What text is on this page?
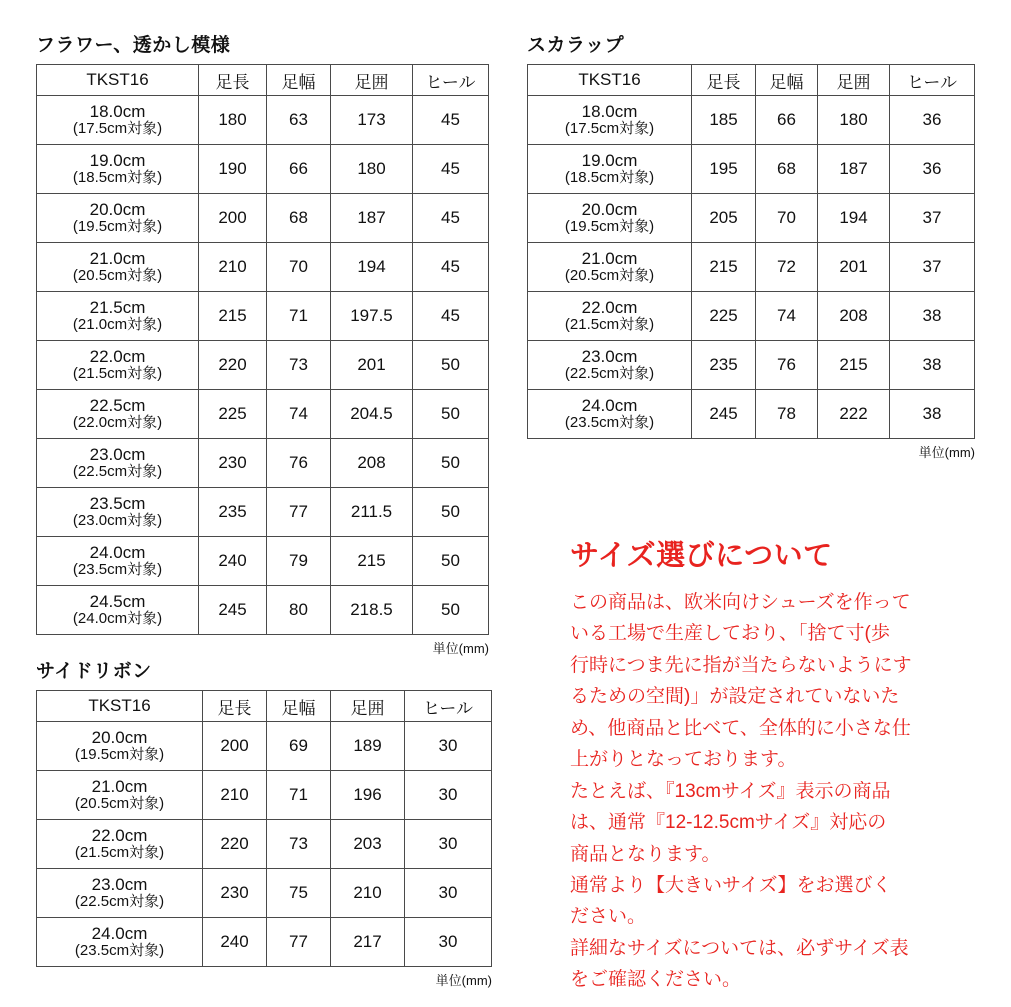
フラワー、透かし模様
TKST16	足長	足幅	足囲	ヒール

18.0cm
(17.5cm対象)	180	63	173	45

19.0cm
(18.5cm対象)	190	66	180	45

20.0cm
(19.5cm対象)	200	68	187	45

21.0cm
(20.5cm対象)	210	70	194	45

21.5cm
(21.0cm対象)	215	71	197.5	45

22.0cm
(21.5cm対象)	220	73	201	50

22.5cm
(22.0cm対象)	225	74	204.5	50

23.0cm
(22.5cm対象)	230	76	208	50

23.5cm
(23.0cm対象)	235	77	211.5	50

24.0cm
(23.5cm対象)	240	79	215	50

24.5cm
(24.0cm対象)	245	80	218.5	50
単位(mm)
スカラップ
TKST16	足長	足幅	足囲	ヒール

18.0cm
(17.5cm対象)	185	66	180	36

19.0cm
(18.5cm対象)	195	68	187	36

20.0cm
(19.5cm対象)	205	70	194	37

21.0cm
(20.5cm対象)	215	72	201	37

22.0cm
(21.5cm対象)	225	74	208	38

23.0cm
(22.5cm対象)	235	76	215	38

24.0cm
(23.5cm対象)	245	78	222	38
単位(mm)
サイドリボン
TKST16	足長	足幅	足囲	ヒール

20.0cm
(19.5cm対象)	200	69	189	30

21.0cm
(20.5cm対象)	210	71	196	30

22.0cm
(21.5cm対象)	220	73	203	30

23.0cm
(22.5cm対象)	230	75	210	30

24.0cm
(23.5cm対象)	240	77	217	30
単位(mm)
サイズ選びについて

この商品は、欧米向けシューズを作って

いる工場で生産しており、「捨て寸(歩

行時につま先に指が当たらないようにす

るための空間)」が設定されていないた

め、他商品と比べて、全体的に小さな仕

上がりとなっております。

たとえば、『13cmサイズ』表示の商品

は、通常『12-12.5cmサイズ』対応の

商品となります。

通常より【大きいサイズ】をお選びく

ださい。

詳細なサイズについては、必ずサイズ表

をご確認ください。
